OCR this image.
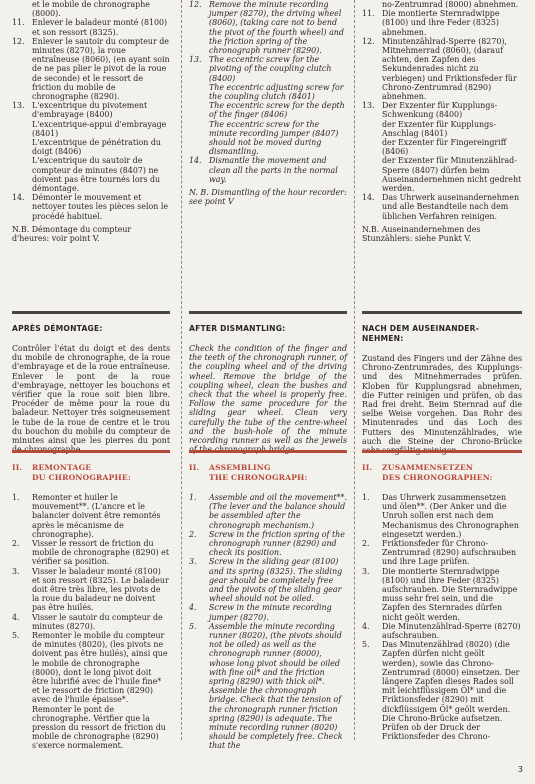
et le mobile de chronographe (8000).
11. Enlever le baladeur monté (8100) et son ressort (8325).
12. Enlever le sautoir du compteur de minutes (8270), la roue entraîneuse (8060), (en ayant soin de ne pas plier le pivot de la roue de seconde) et le ressort de friction du mobile de chronographe (8290).
13. L'excentrique du pivotement d'embrayage (8400)
L'excentrique-appui d'embrayage (8401)
L'excentrique de pénétration du doigt (8406)
L'excentrique du sautoir de compteur de minutes (8407) ne doivent pas être tournés lors du démontage.
14. Démonter le mouvement et nettoyer toutes les pièces selon le procédé habituel.

N.B. Démontage du compteur d'heures: voir point V.

APRÈS DÉMONTAGE:

Contrôler l'état du doigt et des dents du mobile de chronographe, de la roue d'embrayage et de la roue entraîneuse. Enlever le pont de la roue d'embrayage, nettoyer les bouchons et vérifier que la roue soit bien libre. Procéder de même pour la roue du baladeur. Nettoyer très soigneusement le tube de la roue de centre et le trou du bouchon du mobile du compteur de minutes ainsi que les pierres du pont de chronographe.

II. REMONTAGE
DU CHRONOGRAPHE:
1. Remonter et huiler le mouvement**. (L'ancre et le balancier doivent être remontés après le mécanisme de chronographe).
2. Visser le ressort de friction du mobile de chronographe (8290) et vérifier sa position.
3. Visser le baladeur monté (8100) et son ressort (8325). Le baladeur doit être très libre, les pivots de la roue du baladeur ne doivent pas être huilés.
4. Visser le sautoir du compteur de minutes (8270).
5. Remonter le mobile du compteur de minutes (8020), (les pivots ne doivent pas être huilés), ainsi que le mobile de chronographe (8000), dont le long pivot doit être lubrifié avec de l'huile fine* et le ressort de friction (8290) avec de l'huile épaisse*.
Remonter le pont de chronographe. Vérifier que la pression du ressort de friction du mobile de chronographe (8290) s'exerce normalement.
12. Remove the minute recording jumper (8270), the driving wheel (8060), (taking care not to bend the pivot of the fourth wheel) and the friction spring of the chronograph runner (8290).
13. The eccentric screw for the pivoting of the coupling clutch (8400)
The eccentric adjusting screw for the coupling clutch (8401)
The eccentric screw for the depth of the finger (8406)
The eccentric screw for the minute recording jumper (8407) should not be moved during dismantling.
14. Dismantle the movement and clean all the parts in the normal way.

N. B. Dismantling of the hour recorder: see point V

AFTER DISMANTLING:

Check the condition of the finger and the teeth of the chronograph runner, of the coupling wheel and of the driving wheel. Remove the bridge of the coupling wheel, clean the bushes and check that the wheel is properly free. Follow the same procedure for the sliding gear wheel. Clean very carefully the tube of the centre-wheel and the bush-hole of the minute recording runner as well as the jewels of the chronograph bridge.

II. ASSEMBLING
THE CHRONOGRAPH:
1. Assemble and oil the movement**. (The lever and the balance should be assembled after the chronograph mechanism.)
2. Screw in the friction spring of the chronograph runner (8290) and check its position.
3. Screw in the sliding gear (8100) and its spring (8325). The sliding gear should be completely free and the pivots of the sliding gear wheel should not be oiled.
4. Screw in the minute recording jumper (8270).
5. Assemble the minute recording runner (8020), (the pivots should not be oiled) as well as the chronograph runner (8000), whose long pivot should be oiled with fine oil* and the friction spring (8290) with thick oil*.
Assemble the chronograph bridge. Check that the tension of the chronograph runner friction spring (8290) is adequate. The minute recording runner (8020) should be completely free. Check that the
no-Zentrumrad (8000) abnehmen.
11. Die montierte Sternradwippe (8100) und ihre Feder (8325) abnehmen.
12. Minutenzählrad-Sperre (8270), Mitnehmerrad (8060), (darauf achten, den Zapfen des Sekundenrades nicht zu verbiegen) und Friktionsfeder für Chrono-Zentrumrad (8290) abnehmen.
13. Der Exzenter für Kupplungs-Schwenkung (8400)
der Exzenter für Kupplungs-Anschlag (8401)
der Exzenter für Fingereingriff (8406)
der Exzenter für Minutenzählrad-Sperre (8407) dürfen beim Auseinandernehmen nicht gedreht werden.
14. Das Uhrwerk auseinandernehmen und alle Bestandteile nach dem üblichen Verfahren reinigen.

N.B. Auseinandernehmen des Stunzählers: siehe Punkt V.

NACH DEM AUSEINANDER-
NEHMEN:

Zustand des Fingers und der Zähne des Chrono-Zentrumrades, des Kupplungs- und des Mitnehmerrades prüfen. Kloben für Kupplungsrad abnehmen, die Futter reinigen und prüfen, ob das Rad frei dreht. Beim Sternrad auf die selbe Weise vorgehen. Das Rohr des Minutenrades und das Loch des Futters des Minutenzählrades, wie auch die Steine der Chrono-Brücke sehr sorgfältig reinigen.

II. ZUSAMMENSETZEN
DES CHRONOGRAPHEN:
1. Das Uhrwerk zusammensetzen und ölen**. (Der Anker und die Unruh sollen erst nach dem Mechanismus des Chronographen eingesetzt werden.)
2. Friktionsfeder für Chrono-Zentrumrad (8290) aufschrauben und ihre Lage prüfen.
3. Die montierte Sternradwippe (8100) und ihre Feder (8325) aufschrauben. Die Sternradwippe muss sehr frei sein, und die Zapfen des Sternrades dürfen nicht geölt werden.
4. Die Minutenzählrad-Sperre (8270) aufschrauben.
5. Das Minutenzählrad (8020) (die Zapfen dürfen nicht geölt werden), sowie das Chrono-Zentrumrad (8000) einsetzen. Der längere Zapfen dieses Rades soll mit leichtflüssigem Öl* und die Friktionsfeder (8290) mit dickflüssigem Öl* geölt werden. Die Chrono-Brücke aufsetzen. Prüfen ob der Druck der Friktionsfeder des Chrono-
3
